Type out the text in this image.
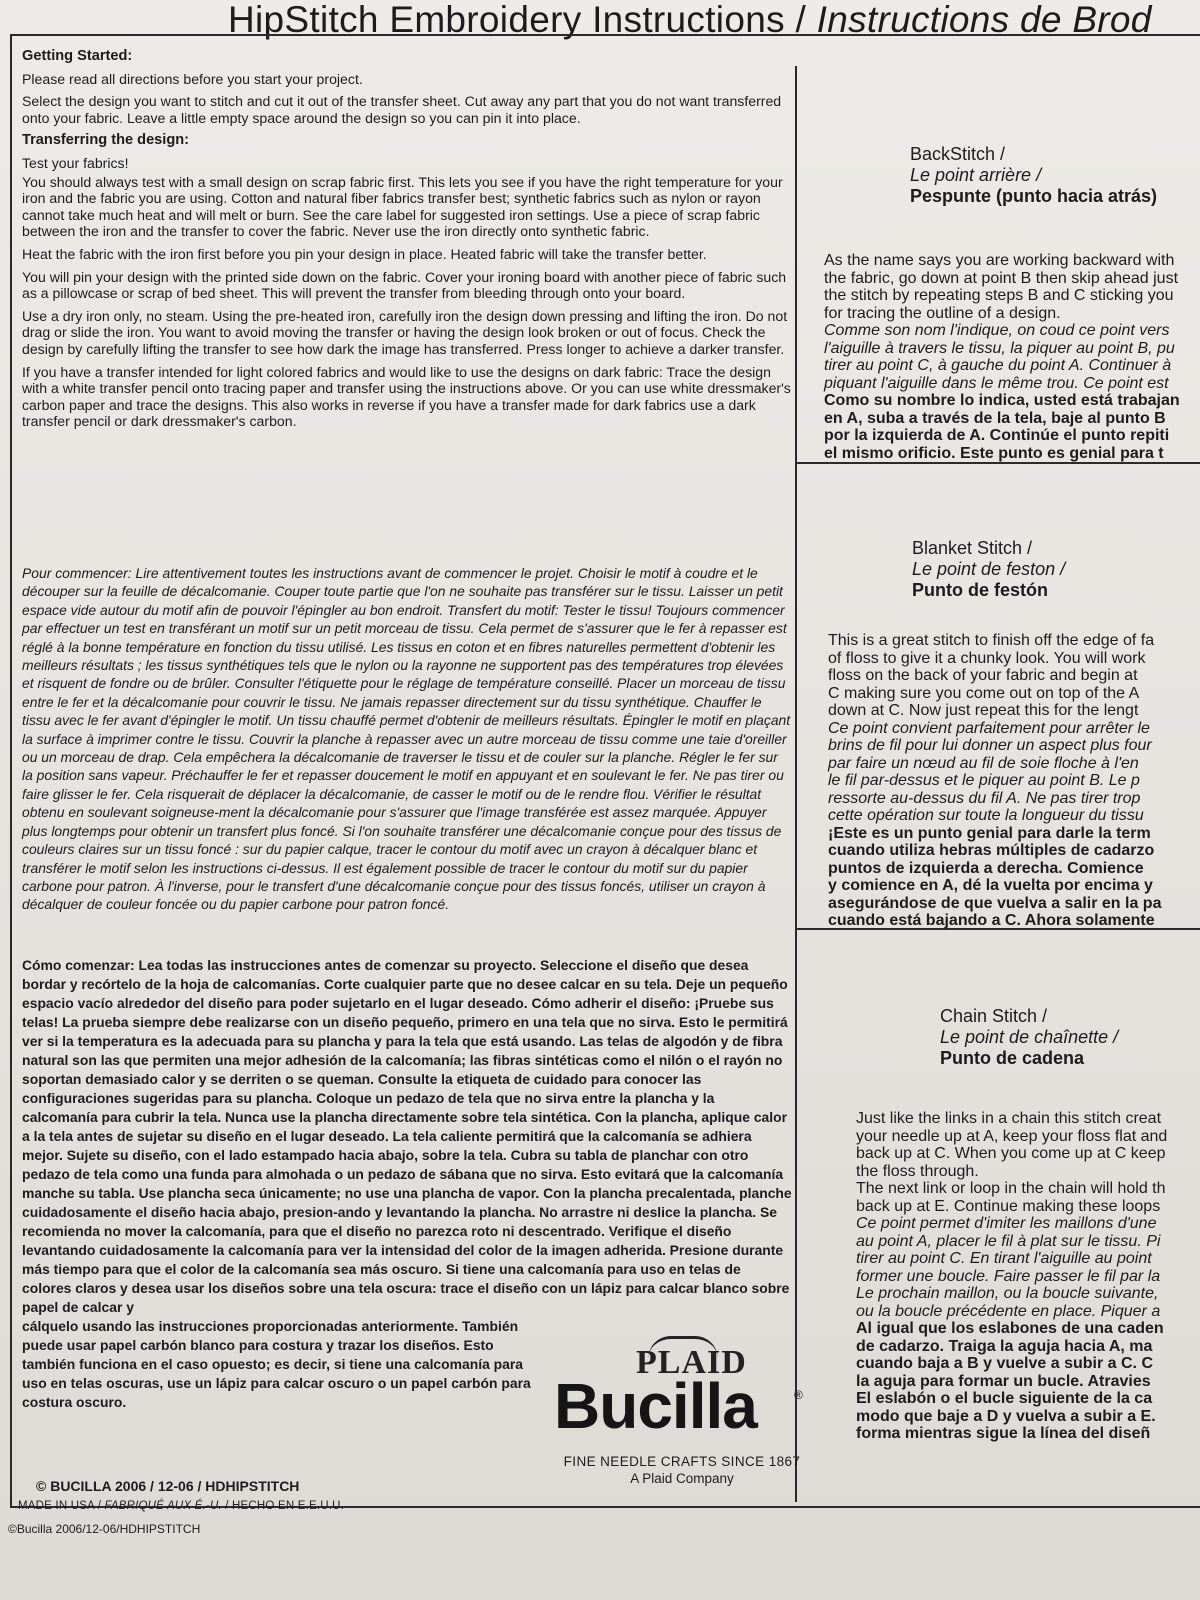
HipStitch Embroidery Instructions / Instructions de Brod
Getting Started:

Please read all directions before you start your project.

Select the design you want to stitch and cut it out of the transfer sheet. Cut away any part that you do not want transferred onto your fabric. Leave a little empty space around the design so you can pin it into place.

Transferring the design:

Test your fabrics!

You should always test with a small design on scrap fabric first. This lets you see if you have the right temperature for your iron and the fabric you are using. Cotton and natural fiber fabrics transfer best; synthetic fabrics such as nylon or rayon cannot take much heat and will melt or burn. See the care label for suggested iron settings. Use a piece of scrap fabric between the iron and the transfer to cover the fabric. Never use the iron directly onto synthetic fabric.

Heat the fabric with the iron first before you pin your design in place. Heated fabric will take the transfer better.

You will pin your design with the printed side down on the fabric. Cover your ironing board with another piece of fabric such as a pillowcase or scrap of bed sheet. This will prevent the transfer from bleeding through onto your board.

Use a dry iron only, no steam. Using the pre-heated iron, carefully iron the design down pressing and lifting the iron. Do not drag or slide the iron. You want to avoid moving the transfer or having the design look broken or out of focus. Check the design by carefully lifting the transfer to see how dark the image has transferred. Press longer to achieve a darker transfer.

If you have a transfer intended for light colored fabrics and would like to use the designs on dark fabric: Trace the design with a white transfer pencil onto tracing paper and transfer using the instructions above. Or you can use white dressmaker's carbon paper and trace the designs. This also works in reverse if you have a transfer made for dark fabrics use a dark transfer pencil or dark dressmaker's carbon.

Pour commencer: Lire attentivement toutes les instructions avant de commencer le projet. Choisir le motif à coudre et le découper sur la feuille de décalcomanie. Couper toute partie que l'on ne souhaite pas transférer sur le tissu. Laisser un petit espace vide autour du motif afin de pouvoir l'épingler au bon endroit. Transfert du motif: Tester le tissu! Toujours commencer par effectuer un test en transférant un motif sur un petit morceau de tissu. Cela permet de s'assurer que le fer à repasser est réglé à la bonne température en fonction du tissu utilisé. Les tissus en coton et en fibres naturelles permettent d'obtenir les meilleurs résultats ; les tissus synthétiques tels que le nylon ou la rayonne ne supportent pas des températures trop élevées et risquent de fondre ou de brûler. Consulter l'étiquette pour le réglage de température conseillé. Placer un morceau de tissu entre le fer et la décalcomanie pour couvrir le tissu. Ne jamais repasser directement sur du tissu synthétique. Chauffer le tissu avec le fer avant d'épingler le motif. Un tissu chauffé permet d'obtenir de meilleurs résultats. Épingler le motif en plaçant la surface à imprimer contre le tissu. Couvrir la planche à repasser avec un autre morceau de tissu comme une taie d'oreiller ou un morceau de drap. Cela empêchera la décalcomanie de traverser le tissu et de couler sur la planche. Régler le fer sur la position sans vapeur. Préchauffer le fer et repasser doucement le motif en appuyant et en soulevant le fer. Ne pas tirer ou faire glisser le fer. Cela risquerait de déplacer la décalcomanie, de casser le motif ou de le rendre flou. Vérifier le résultat obtenu en soulevant soigneuse-ment la décalcomanie pour s'assurer que l'image transférée est assez marquée. Appuyer plus longtemps pour obtenir un transfert plus foncé. Si l'on souhaite transférer une décalcomanie conçue pour des tissus de couleurs claires sur un tissu foncé : sur du papier calque, tracer le contour du motif avec un crayon à décalquer blanc et transférer le motif selon les instructions ci-dessus. Il est également possible de tracer le contour du motif sur du papier carbone pour patron. À l'inverse, pour le transfert d'une décalcomanie conçue pour des tissus foncés, utiliser un crayon à décalquer de couleur foncée ou du papier carbone pour patron foncé.
Cómo comenzar: Lea todas las instrucciones antes de comenzar su proyecto. Seleccione el diseño que desea bordar y recórtelo de la hoja de calcomanías. Corte cualquier parte que no desee calcar en su tela. Deje un pequeño espacio vacío alrededor del diseño para poder sujetarlo en el lugar deseado. Cómo adherir el diseño: ¡Pruebe sus telas! La prueba siempre debe realizarse con un diseño pequeño, primero en una tela que no sirva. Esto le permitirá ver si la temperatura es la adecuada para su plancha y para la tela que está usando. Las telas de algodón y de fibra natural son las que permiten una mejor adhesión de la calcomanía; las fibras sintéticas como el nilón o el rayón no soportan demasiado calor y se derriten o se queman. Consulte la etiqueta de cuidado para conocer las configuraciones sugeridas para su plancha. Coloque un pedazo de tela que no sirva entre la plancha y la calcomanía para cubrir la tela. Nunca use la plancha directamente sobre tela sintética. Con la plancha, aplique calor a la tela antes de sujetar su diseño en el lugar deseado. La tela caliente permitirá que la calcomanía se adhiera mejor. Sujete su diseño, con el lado estampado hacia abajo, sobre la tela. Cubra su tabla de planchar con otro pedazo de tela como una funda para almohada o un pedazo de sábana que no sirva. Esto evitará que la calcomanía manche su tabla. Use plancha seca únicamente; no use una plancha de vapor. Con la plancha precalentada, planche cuidadosamente el diseño hacia abajo, presion-ando y levantando la plancha. No arrastre ni deslice la plancha. Se recomienda no mover la calcomanía, para que el diseño no parezca roto ni descentrado. Verifique el diseño levantando cuidadosamente la calcomanía para ver la intensidad del color de la imagen adherida. Presione durante más tiempo para que el color de la calcomanía sea más oscuro. Si tiene una calcomanía para uso en telas de colores claros y desea usar los diseños sobre una tela oscura: trace el diseño con un lápiz para calcar blanco sobre papel de calcar y
cálquelo usando las instrucciones proporcionadas anteriormente. También puede usar papel carbón blanco para costura y trazar los diseños. Esto también funciona en el caso opuesto; es decir, si tiene una calcomanía para uso en telas oscuras, use un lápiz para calcar oscuro o un papel carbón para costura oscuro.
BackStitch /
Le point arrière /
Pespunte (punto hacia atrás)
As the name says you are working backward with
the fabric, go down at point B then skip ahead just
the stitch by repeating steps B and C sticking you
for tracing the outline of a design.
Comme son nom l'indique, on coud ce point vers
l'aiguille à travers le tissu, la piquer au point B, pu
tirer au point C, à gauche du point A. Continuer à
piquant l'aiguille dans le même trou. Ce point est
Como su nombre lo indica, usted está trabajan
en A, suba a través de la tela, baje al punto B
por la izquierda de A. Continúe el punto repiti
el mismo orificio. Este punto es genial para t
Blanket Stitch /
Le point de feston /
Punto de festón
This is a great stitch to finish off the edge of fa
of floss to give it a chunky look. You will work
floss on the back of your fabric and begin at
C making sure you come out on top of the A
down at C. Now just repeat this for the lengt
Ce point convient parfaitement pour arrêter le
brins de fil pour lui donner un aspect plus four
par faire un nœud au fil de soie floche à l'en
le fil par-dessus et le piquer au point B. Le p
ressorte au-dessus du fil A. Ne pas tirer trop
cette opération sur toute la longueur du tissu
¡Este es un punto genial para darle la term
cuando utiliza hebras múltiples de cadarzo
puntos de izquierda a derecha. Comience
y comience en A, dé la vuelta por encima y
asegurándose de que vuelva a salir en la pa
cuando está bajando a C. Ahora solamente
Chain Stitch /
Le point de chaînette /
Punto de cadena
Just like the links in a chain this stitch creat
your needle up at A, keep your floss flat and
back up at C. When you come up at C keep
the floss through.
The next link or loop in the chain will hold th
back up at E. Continue making these loops
Ce point permet d'imiter les maillons d'une
au point A, placer le fil à plat sur le tissu. Pi
tirer au point C. En tirant l'aiguille au point
former une boucle. Faire passer le fil par la
Le prochain maillon, ou la boucle suivante,
ou la boucle précédente en place. Piquer a
Al igual que los eslabones de una caden
de cadarzo. Traiga la aguja hacia A, ma
cuando baja a B y vuelve a subir a C. C
la aguja para formar un bucle. Atravies
El eslabón o el bucle siguiente de la ca
modo que baje a D y vuelva a subir a E.
forma mientras sigue la línea del diseñ
PLAID
Bucilla	®
FINE NEEDLE CRAFTS SINCE 1867
A Plaid Company
© BUCILLA 2006 / 12-06 / HDHIPSTITCH
MADE IN USA / FABRIQUÉ AUX É.-U. / HECHO EN E.E.U.U.
©Bucilla 2006/12-06/HDHIPSTITCH
